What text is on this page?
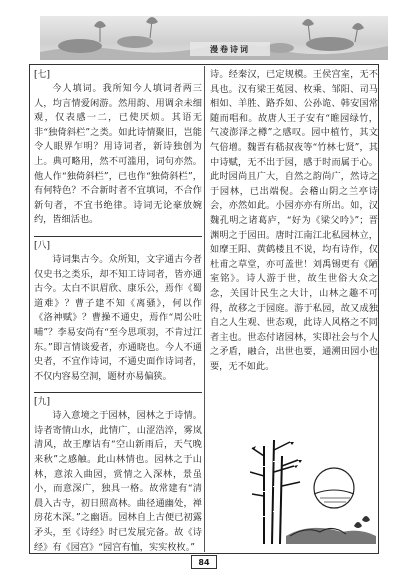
漫卷诗词
[七]
今人填词。我所知今人填词者两三人，均言情爱闲游。然用韵、用调余未细观，仅表感一二，已使厌烦。其语无非“独倚斜栏”之类。如此诗情聚旧，岂能令人眼界乍明？用诗词者，新诗独创为上。典可略用，然不可滥用，词句亦然。他人作“独倚斜栏”，已也作“独倚斜栏”，有何特色？不合新时者不宜填词，不合作新句者，不宜书绝律。诗词无论豪放婉约，皆细活也。
[八]
诗词集古今。众所知，文字通古今者仅史书之类乐，却不知工诗词者，皆亦通古今。太白不识眉欣、康乐公，焉作《蜀道难》？曹子建不知《离骚》，何以作《洛神赋》？曹操不通史，焉作“周公吐哺”？李易安尚有“至今思项羽，不肯过江东。”即言情谈爱者，亦通晓也。今人不通史者，不宜作诗词，不通史面作诗词者，不仅内容易空洞，题材亦易偏狭。
[九]
诗入意境之于园林，园林之于诗情。诗者寄情山水，此情广，山涩浩淬，雾岚清风，故王摩诘有“空山新雨后，天气晚来秋”之感触。此山林情也。园林之于山林，意浓入曲园，赏情之入深林，景虽小，而意深广，独具一格。故常建有“清晨入古寺，初日照高林。曲径通幽处，禅房花木深。”之幽语。园林自上古便已初露矛头，至《诗经》时已发展完备。故《诗经》有《园宫》“园宫有恤，实实枚枚。”
诗。经秦汉，已定规模。王侯宫室，无不具也。汉有梁王菟园、枚乘、邹阳、司马相如、羊胜、路乔如、公孙诡、韩安国常随而唱和。故唐人王子安有“睢园绿竹，气凌澎泽之樽”之感叹。园中植竹，其文气倍增。魏晋有嵇叔夜等“竹林七贤”，其中诗赋，无不出于园，感于时而属于心。此时园尚且广大，自然之韵尚广，然诗之于园林，已出端倪。会稽山阴之兰亭诗会，亦然如此。小园亦亦有所出。如，汉魏孔明之诸葛庐，“好为《梁父吟》”；晋渊明之于园田。唐时江南江北私园林立，如摩王阳、黄鹤楼且不说，均有诗作，仅杜甫之草堂，亦可盖世！刘禹锡更有《陋室铭》。诗人游于世，故生世俗大众之念，关国计民生之大计，山林之趣不可得，故移之于园庭。游于私园，故又成独自之人生观、世态观，此诗人风格之不同者主也。世态付诸园林，实即社会与个人之矛盾，融合，出世也要，通溯田园小也要，无不如此。
84
